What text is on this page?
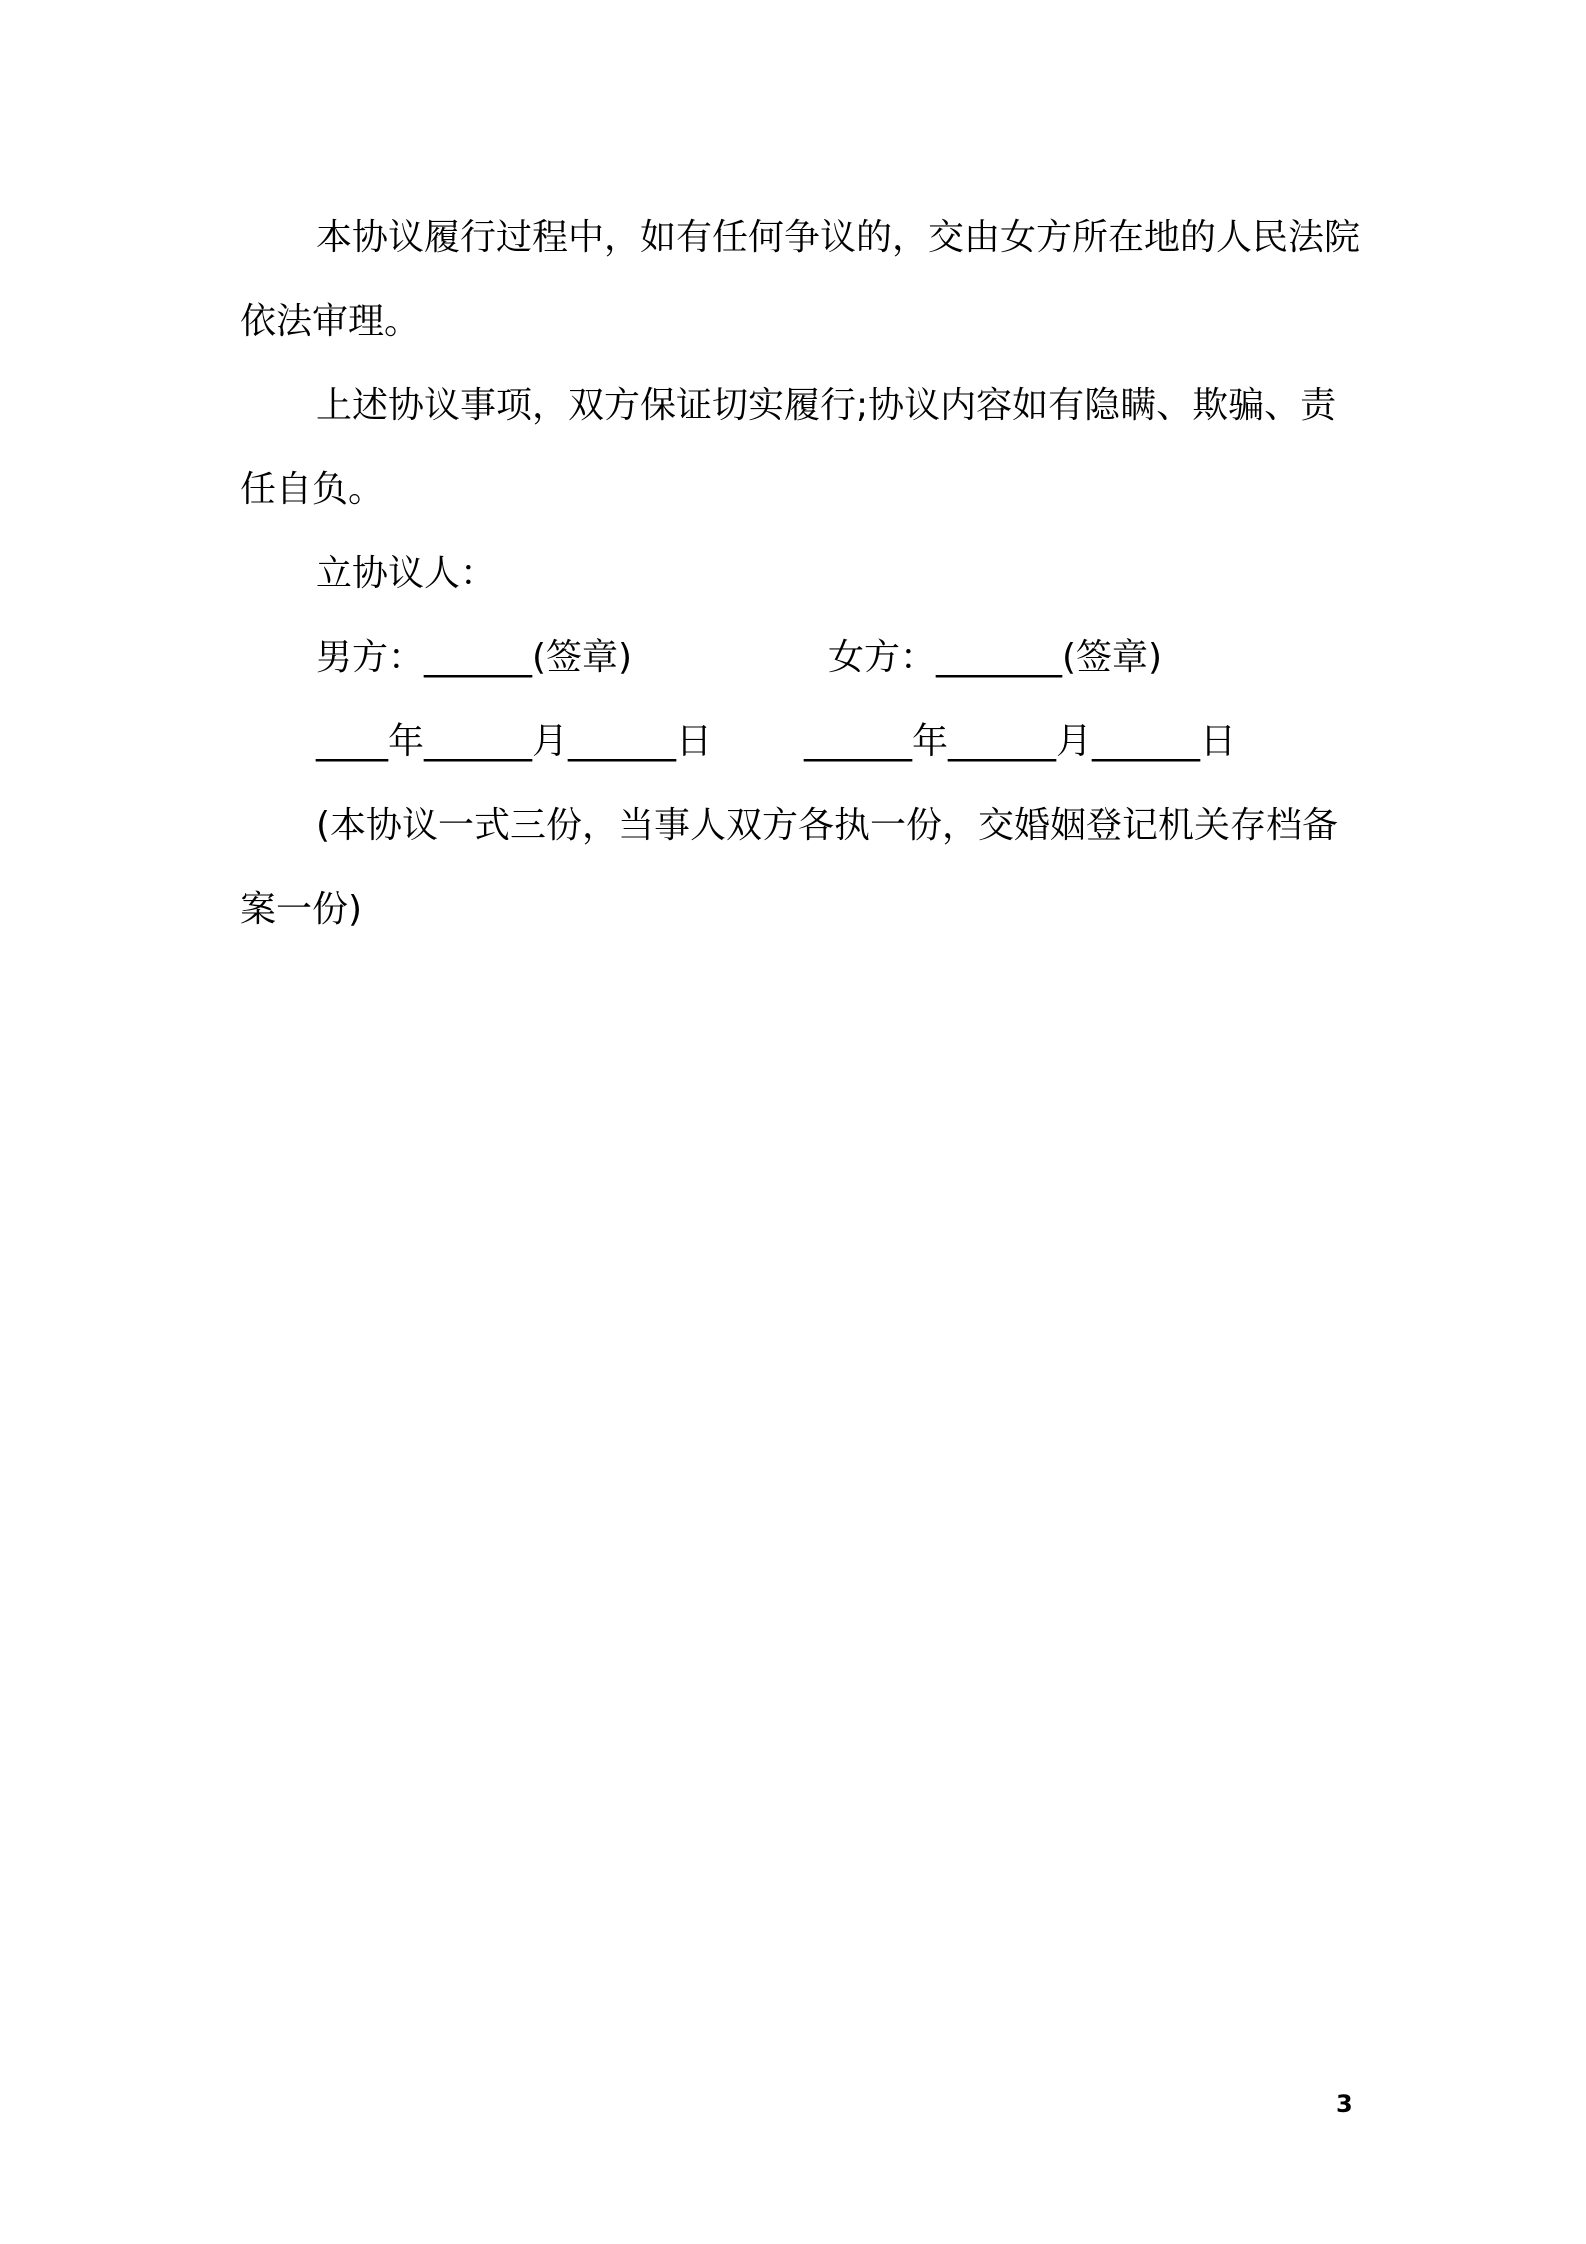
本协议履行过程中，如有任何争议的，交由女方所在地的人民法院依法审理。

上述协议事项，双方保证切实履行;协议内容如有隐瞒、欺骗、责任自负。

立协议人：

男方：______(签章)

	女方：_______(签章)

____年______月______日

	______年______月______日

(本协议一式三份，当事人双方各执一份，交婚姻登记机关存档备案一份)

3
